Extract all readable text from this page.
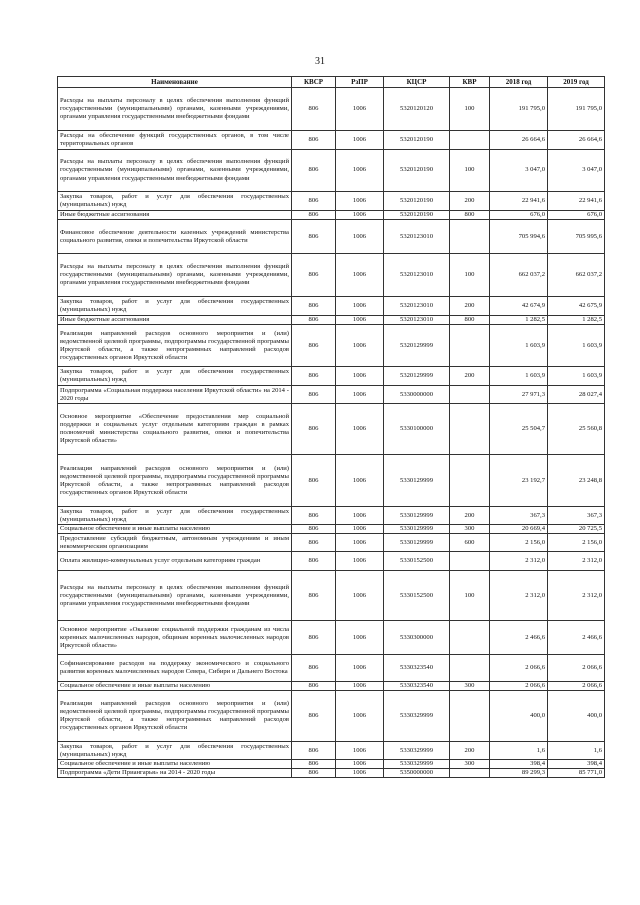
31
Наименование	КВСР	РзПР	КЦСР	КВР	2018 год	2019 год
Расходы на выплаты персоналу в целях обеспечения выполнения функций государственными (муниципальными) органами, казенными учреждениями, органами управления государственными внебюджетными фондами	806	1006	5320120120	100	191 795,0	191 795,0
Расходы на обеспечение функций государственных органов, в том числе территориальных органов	806	1006	5320120190		26 664,6	26 664,6
Расходы на выплаты персоналу в целях обеспечения выполнения функций государственными (муниципальными) органами, казенными учреждениями, органами управления государственными внебюджетными фондами	806	1006	5320120190	100	3 047,0	3 047,0
Закупка товаров, работ и услуг для обеспечения государственных (муниципальных) нужд	806	1006	5320120190	200	22 941,6	22 941,6
Иные бюджетные ассигнования	806	1006	5320120190	800	676,0	676,0
Финансовое обеспечение деятельности казенных учреждений министерства социального развития, опеки и попечительства Иркутской области	806	1006	5320123010		705 994,6	705 995,6
Расходы на выплаты персоналу в целях обеспечения выполнения функций государственными (муниципальными) органами, казенными учреждениями, органами управления государственными внебюджетными фондами	806	1006	5320123010	100	662 037,2	662 037,2
Закупка товаров, работ и услуг для обеспечения государственных (муниципальных) нужд	806	1006	5320123010	200	42 674,9	42 675,9
Иные бюджетные ассигнования	806	1006	5320123010	800	1 282,5	1 282,5
Реализация направлений расходов основного мероприятия и (или) ведомственной целевой программы, подпрограммы государственной программы Иркутской области, а также непрограммных направлений расходов государственных органов Иркутской области	806	1006	5320129999		1 603,9	1 603,9
Закупка товаров, работ и услуг для обеспечения государственных (муниципальных) нужд	806	1006	5320129999	200	1 603,9	1 603,9
Подпрограмма «Социальная поддержка населения Иркутской области» на 2014 - 2020 годы	806	1006	5330000000		27 971,3	28 027,4
Основное мероприятие «Обеспечение предоставления мер социальной поддержки и социальных услуг отдельным категориям граждан в рамках полномочий министерства социального развития, опеки и попечительства Иркутской области»	806	1006	5330100000		25 504,7	25 560,8
Реализация направлений расходов основного мероприятия и (или) ведомственной целевой программы, подпрограммы государственной программы Иркутской области, а также непрограммных направлений расходов государственных органов Иркутской области	806	1006	5330129999		23 192,7	23 248,8
Закупка товаров, работ и услуг для обеспечения государственных (муниципальных) нужд	806	1006	5330129999	200	367,3	367,3
Социальное обеспечение и иные выплаты населению	806	1006	5330129999	300	20 669,4	20 725,5
Предоставление субсидий бюджетным, автономным учреждениям и иным некоммерческим организациям	806	1006	5330129999	600	2 156,0	2 156,0
Оплата жилищно-коммунальных услуг отдельным категориям граждан	806	1006	5330152500		2 312,0	2 312,0
Расходы на выплаты персоналу в целях обеспечения выполнения функций государственными (муниципальными) органами, казенными учреждениями, органами управления государственными внебюджетными фондами	806	1006	5330152500	100	2 312,0	2 312,0
Основное мероприятие «Оказание социальной поддержки гражданам из числа коренных малочисленных народов, общинам коренных малочисленных народов Иркутской области»	806	1006	5330300000		2 466,6	2 466,6
Софинансирование расходов на поддержку экономического и социального развития коренных малочисленных народов Севера, Сибири и Дальнего Востока	806	1006	5330323540		2 066,6	2 066,6
Социальное обеспечение и иные выплаты населению	806	1006	5330323540	300	2 066,6	2 066,6
Реализация направлений расходов основного мероприятия и (или) ведомственной целевой программы, подпрограммы государственной программы Иркутской области, а также непрограммных направлений расходов государственных органов Иркутской области	806	1006	5330329999		400,0	400,0
Закупка товаров, работ и услуг для обеспечения государственных (муниципальных) нужд	806	1006	5330329999	200	1,6	1,6
Социальное обеспечение и иные выплаты населению	806	1006	5330329999	300	398,4	398,4
Подпрограмма «Дети Приангарья» на 2014 - 2020 годы	806	1006	5350000000		89 299,3	85 771,0
